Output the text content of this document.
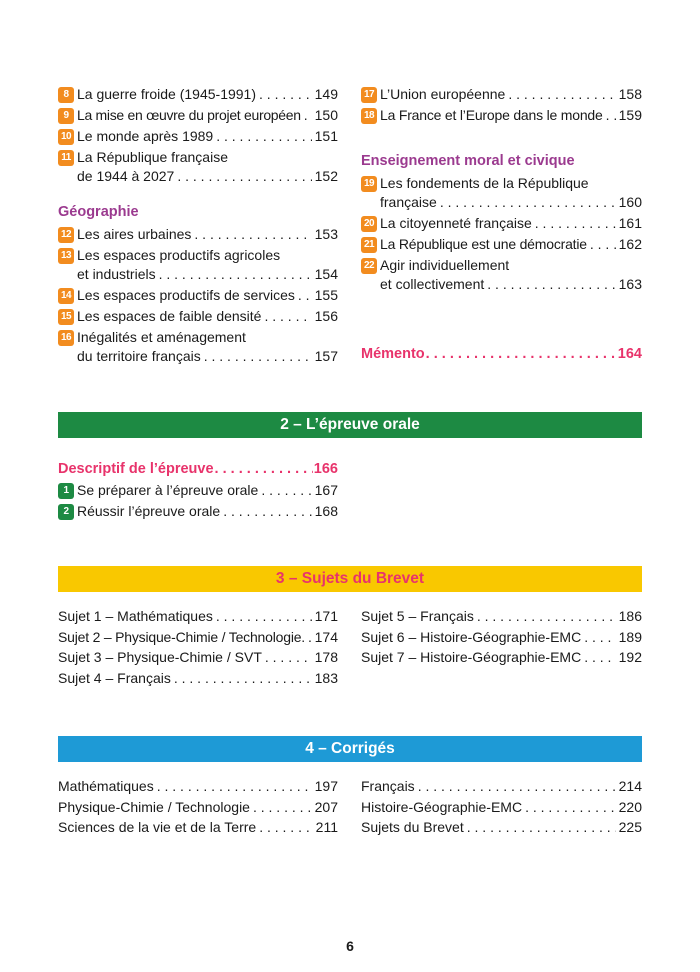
8 La guerre froide (1945-1991) . . .	149
9 La mise en œuvre du projet européen . . . 150
10 Le monde après 1989 . . .	151
11 La République française
de 1944 à 2027 . . .	152
Géographie
12 Les aires urbaines . . .	153
13 Les espaces productifs agricoles
et industriels . . .	154
14 Les espaces productifs de services . . . 155
15 Les espaces de faible densité . . .	156
16 Inégalités et aménagement
du territoire français . . .	157
17 L’Union européenne . . .	158
18 La France et l’Europe dans le monde . . . 159
Enseignement moral et civique
19 Les fondements de la République
française . . .	160
20 La citoyenneté française . . .	161
21 La République est une démocratie . . . 162
22 Agir individuellement
et collectivement . . .	163
Mémento . . .	164
2 – L’épreuve orale
Descriptif de l’épreuve . . .	166
1 Se préparer à l’épreuve orale . . .	167
2 Réussir l’épreuve orale . . .	168
3 – Sujets du Brevet
Sujet 1 – Mathématiques . . .	171
Sujet 2 – Physique-Chimie / Technologie. . . . 174
Sujet 3 – Physique-Chimie / SVT . . .	178
Sujet 4 – Français . . .	183
Sujet 5 – Français . . .	186
Sujet 6 – Histoire-Géographie-EMC . . .	189
Sujet 7 – Histoire-Géographie-EMC . . .	192
4 – Corrigés
Mathématiques . . .	197
Physique-Chimie / Technologie . . .	207
Sciences de la vie et de la Terre . . .	211
Français . . .	214
Histoire-Géographie-EMC . . .	220
Sujets du Brevet . . .	225
6
